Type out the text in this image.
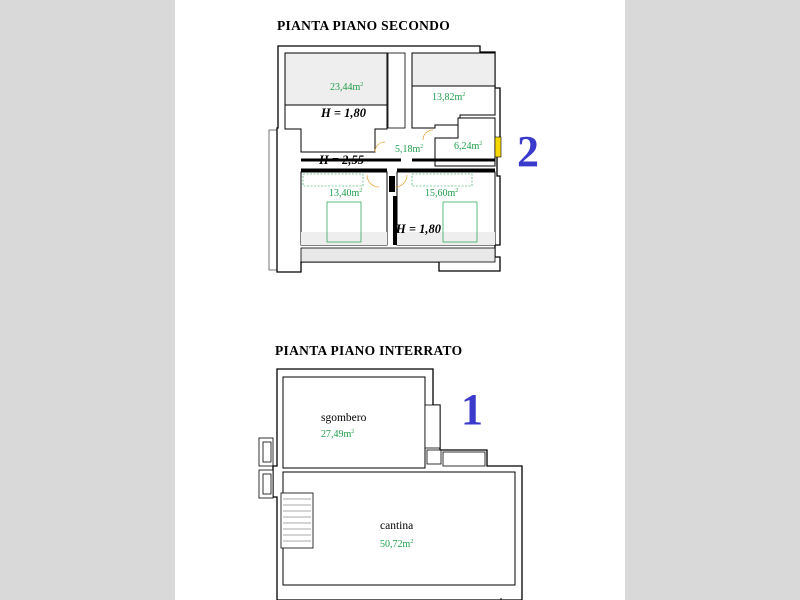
PIANTA PIANO SECONDO
$23,44m^2$
$13,82m^2$
$5,18m^2$	$6,24m^2$
$13,40m^2$	$15,60m^2$
H = 1,80
H = 2,55
H = 1,80
2
PIANTA PIANO INTERRATO
sgombero
$27,49m^2$
cantina
$50,72m^2$
1
